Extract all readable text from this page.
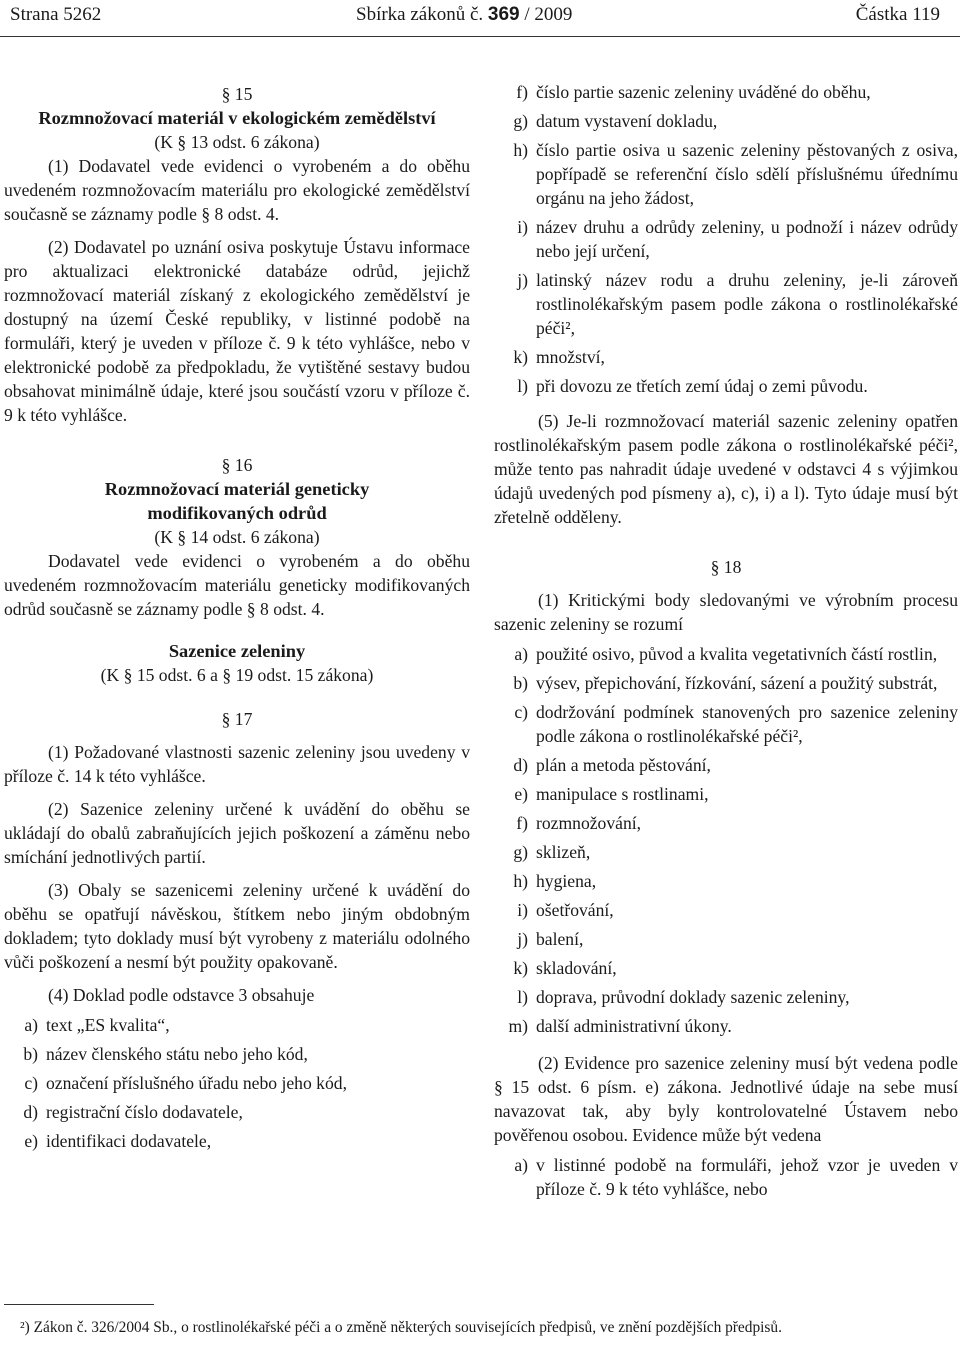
Strana 5262	Sbírka zákonů č. 369 / 2009	Částka 119
§ 15
Rozmnožovací materiál v ekologickém zemědělství
(K § 13 odst. 6 zákona)

(1) Dodavatel vede evidenci o vyrobeném a do oběhu uvedeném rozmnožovacím materiálu pro ekologické zemědělství současně se záznamy podle § 8 odst. 4.

(2) Dodavatel po uznání osiva poskytuje Ústavu informace pro aktualizaci elektronické databáze odrůd, jejichž rozmnožovací materiál získaný z ekologického zemědělství je dostupný na území České republiky, v listinné podobě na formuláři, který je uveden v příloze č. 9 k této vyhlášce, nebo v elektronické podobě za předpokladu, že vytištěné sestavy budou obsahovat minimálně údaje, které jsou součástí vzoru v příloze č. 9 k této vyhlášce.

§ 16
Rozmnožovací materiál geneticky
modifikovaných odrůd
(K § 14 odst. 6 zákona)

Dodavatel vede evidenci o vyrobeném a do oběhu uvedeném rozmnožovacím materiálu geneticky modifikovaných odrůd současně se záznamy podle § 8 odst. 4.

Sazenice zeleniny
(K § 15 odst. 6 a § 19 odst. 15 zákona)
§ 17

(1) Požadované vlastnosti sazenic zeleniny jsou uvedeny v příloze č. 14 k této vyhlášce.

(2) Sazenice zeleniny určené k uvádění do oběhu se ukládají do obalů zabraňujících jejich poškození a záměnu nebo smíchání jednotlivých partií.

(3) Obaly se sazenicemi zeleniny určené k uvádění do oběhu se opatřují návěskou, štítkem nebo jiným obdobným dokladem; tyto doklady musí být vyrobeny z materiálu odolného vůči poškození a nesmí být použity opakovaně.

(4) Doklad podle odstavce 3 obsahuje

a) text „ES kvalita“,
b) název členského státu nebo jeho kód,
c) označení příslušného úřadu nebo jeho kód,
d) registrační číslo dodavatele,
e) identifikaci dodavatele,
f) číslo partie sazenic zeleniny uváděné do oběhu,
g) datum vystavení dokladu,
h) číslo partie osiva u sazenic zeleniny pěstovaných z osiva, popřípadě se referenční číslo sdělí příslušnému úřednímu orgánu na jeho žádost,
i) název druhu a odrůdy zeleniny, u podnoží i název odrůdy nebo její určení,
j) latinský název rodu a druhu zeleniny, je-li zároveň rostlinolékařským pasem podle zákona o rostlinolékařské péči²,
k) množství,
l) při dovozu ze třetích zemí údaj o zemi původu.

(5) Je-li rozmnožovací materiál sazenic zeleniny opatřen rostlinolékařským pasem podle zákona o rostlinolékařské péči², může tento pas nahradit údaje uvedené v odstavci 4 s výjimkou údajů uvedených pod písmeny a), c), i) a l). Tyto údaje musí být zřetelně odděleny.

§ 18

(1) Kritickými body sledovanými ve výrobním procesu sazenic zeleniny se rozumí

a) použité osivo, původ a kvalita vegetativních částí rostlin,
b) výsev, přepichování, řízkování, sázení a použitý substrát,
c) dodržování podmínek stanovených pro sazenice zeleniny podle zákona o rostlinolékařské péči²,
d) plán a metoda pěstování,
e) manipulace s rostlinami,
f) rozmnožování,
g) sklizeň,
h) hygiena,
i) ošetřování,
j) balení,
k) skladování,
l) doprava, průvodní doklady sazenic zeleniny,
m) další administrativní úkony.

(2) Evidence pro sazenice zeleniny musí být vedena podle § 15 odst. 6 písm. e) zákona. Jednotlivé údaje na sebe musí navazovat tak, aby byly kontrolovatelné Ústavem nebo pověřenou osobou. Evidence může být vedena

a) v listinné podobě na formuláři, jehož vzor je uveden v příloze č. 9 k této vyhlášce, nebo
²) Zákon č. 326/2004 Sb., o rostlinolékařské péči a o změně některých souvisejících předpisů, ve znění pozdějších předpisů.
